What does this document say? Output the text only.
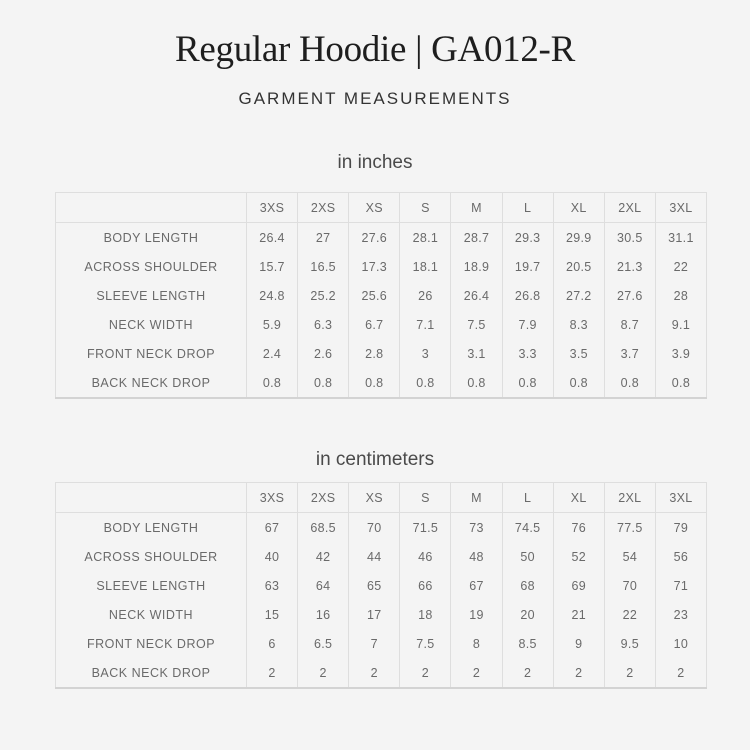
Regular Hoodie | GA012-R
GARMENT MEASUREMENTS
in inches
	3XS	2XS	XS	S	M	L	XL	2XL	3XL
BODY LENGTH	26.4	27	27.6	28.1	28.7	29.3	29.9	30.5	31.1
ACROSS SHOULDER	15.7	16.5	17.3	18.1	18.9	19.7	20.5	21.3	22
SLEEVE LENGTH	24.8	25.2	25.6	26	26.4	26.8	27.2	27.6	28
NECK WIDTH	5.9	6.3	6.7	7.1	7.5	7.9	8.3	8.7	9.1
FRONT NECK DROP	2.4	2.6	2.8	3	3.1	3.3	3.5	3.7	3.9
BACK NECK DROP	0.8	0.8	0.8	0.8	0.8	0.8	0.8	0.8	0.8
in centimeters
	3XS	2XS	XS	S	M	L	XL	2XL	3XL
BODY LENGTH	67	68.5	70	71.5	73	74.5	76	77.5	79
ACROSS SHOULDER	40	42	44	46	48	50	52	54	56
SLEEVE LENGTH	63	64	65	66	67	68	69	70	71
NECK WIDTH	15	16	17	18	19	20	21	22	23
FRONT NECK DROP	6	6.5	7	7.5	8	8.5	9	9.5	10
BACK NECK DROP	2	2	2	2	2	2	2	2	2
